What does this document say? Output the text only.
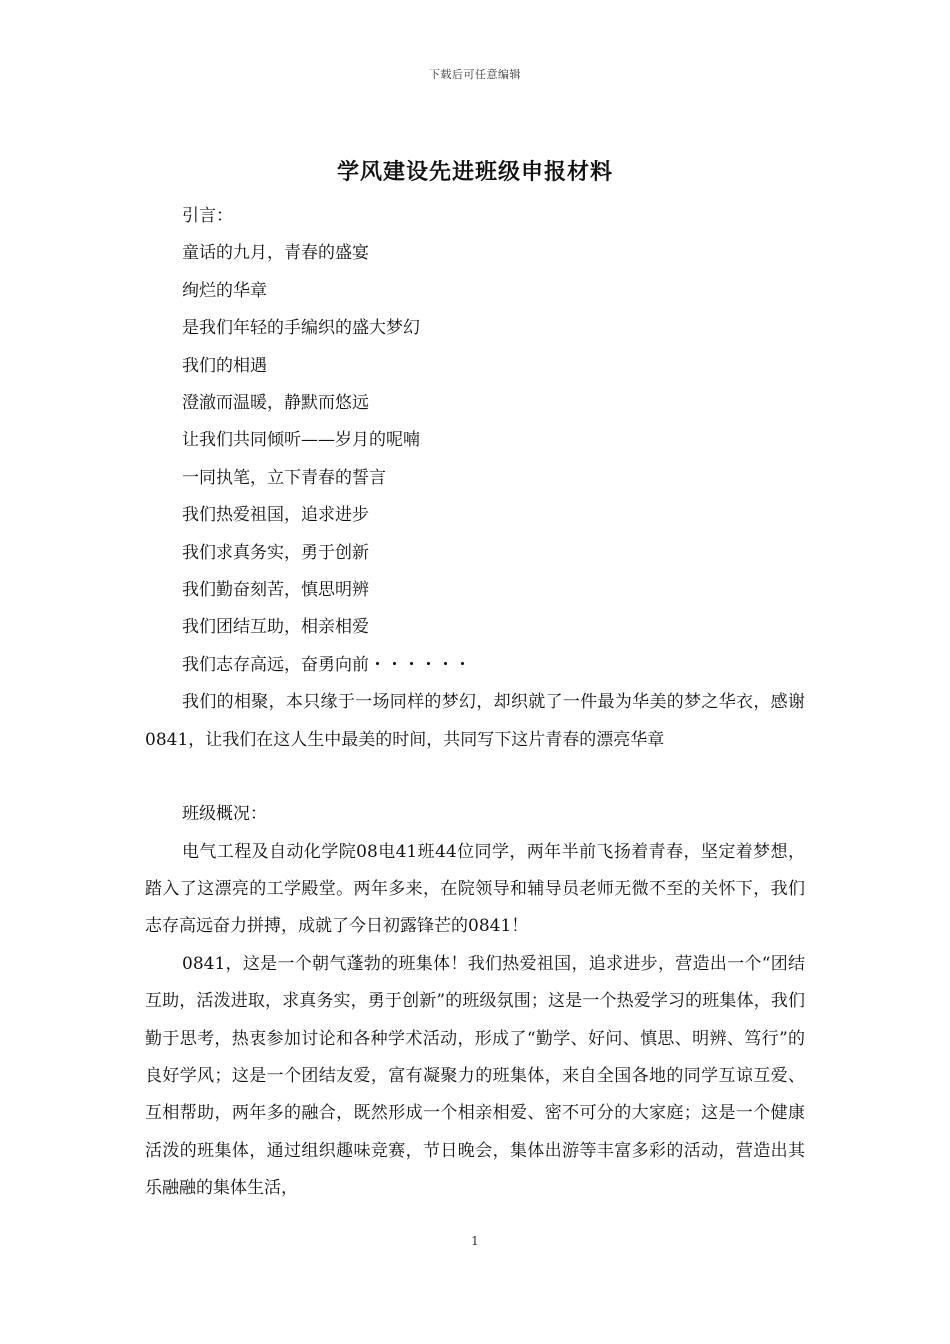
下载后可任意编辑
学风建设先进班级申报材料

引言：

童话的九月，青春的盛宴

绚烂的华章

是我们年轻的手编织的盛大梦幻

我们的相遇

澄澈而温暖，静默而悠远

让我们共同倾听——岁月的呢喃

一同执笔，立下青春的誓言

我们热爱祖国，追求进步

我们求真务实，勇于创新

我们勤奋刻苦，慎思明辨

我们团结互助，相亲相爱

我们志存高远，奋勇向前・・・・・・

我们的相聚，本只缘于一场同样的梦幻，却织就了一件最为华美的梦之华衣，感谢0841，让我们在这人生中最美的时间，共同写下这片青春的漂亮华章

班级概况：

电气工程及自动化学院08电41班44位同学，两年半前飞扬着青春，坚定着梦想，踏入了这漂亮的工学殿堂。两年多来，在院领导和辅导员老师无微不至的关怀下，我们志存高远奋力拼搏，成就了今日初露锋芒的0841！

0841，这是一个朝气蓬勃的班集体！我们热爱祖国，追求进步，营造出一个“团结互助，活泼进取，求真务实，勇于创新”的班级氛围；这是一个热爱学习的班集体，我们勤于思考，热衷参加讨论和各种学术活动，形成了“勤学、好问、慎思、明辨、笃行”的良好学风；这是一个团结友爱，富有凝聚力的班集体，来自全国各地的同学互谅互爱、互相帮助，两年多的融合，既然形成一个相亲相爱、密不可分的大家庭；这是一个健康活泼的班集体，通过组织趣味竞赛，节日晚会，集体出游等丰富多彩的活动，营造出其乐融融的集体生活，

1
